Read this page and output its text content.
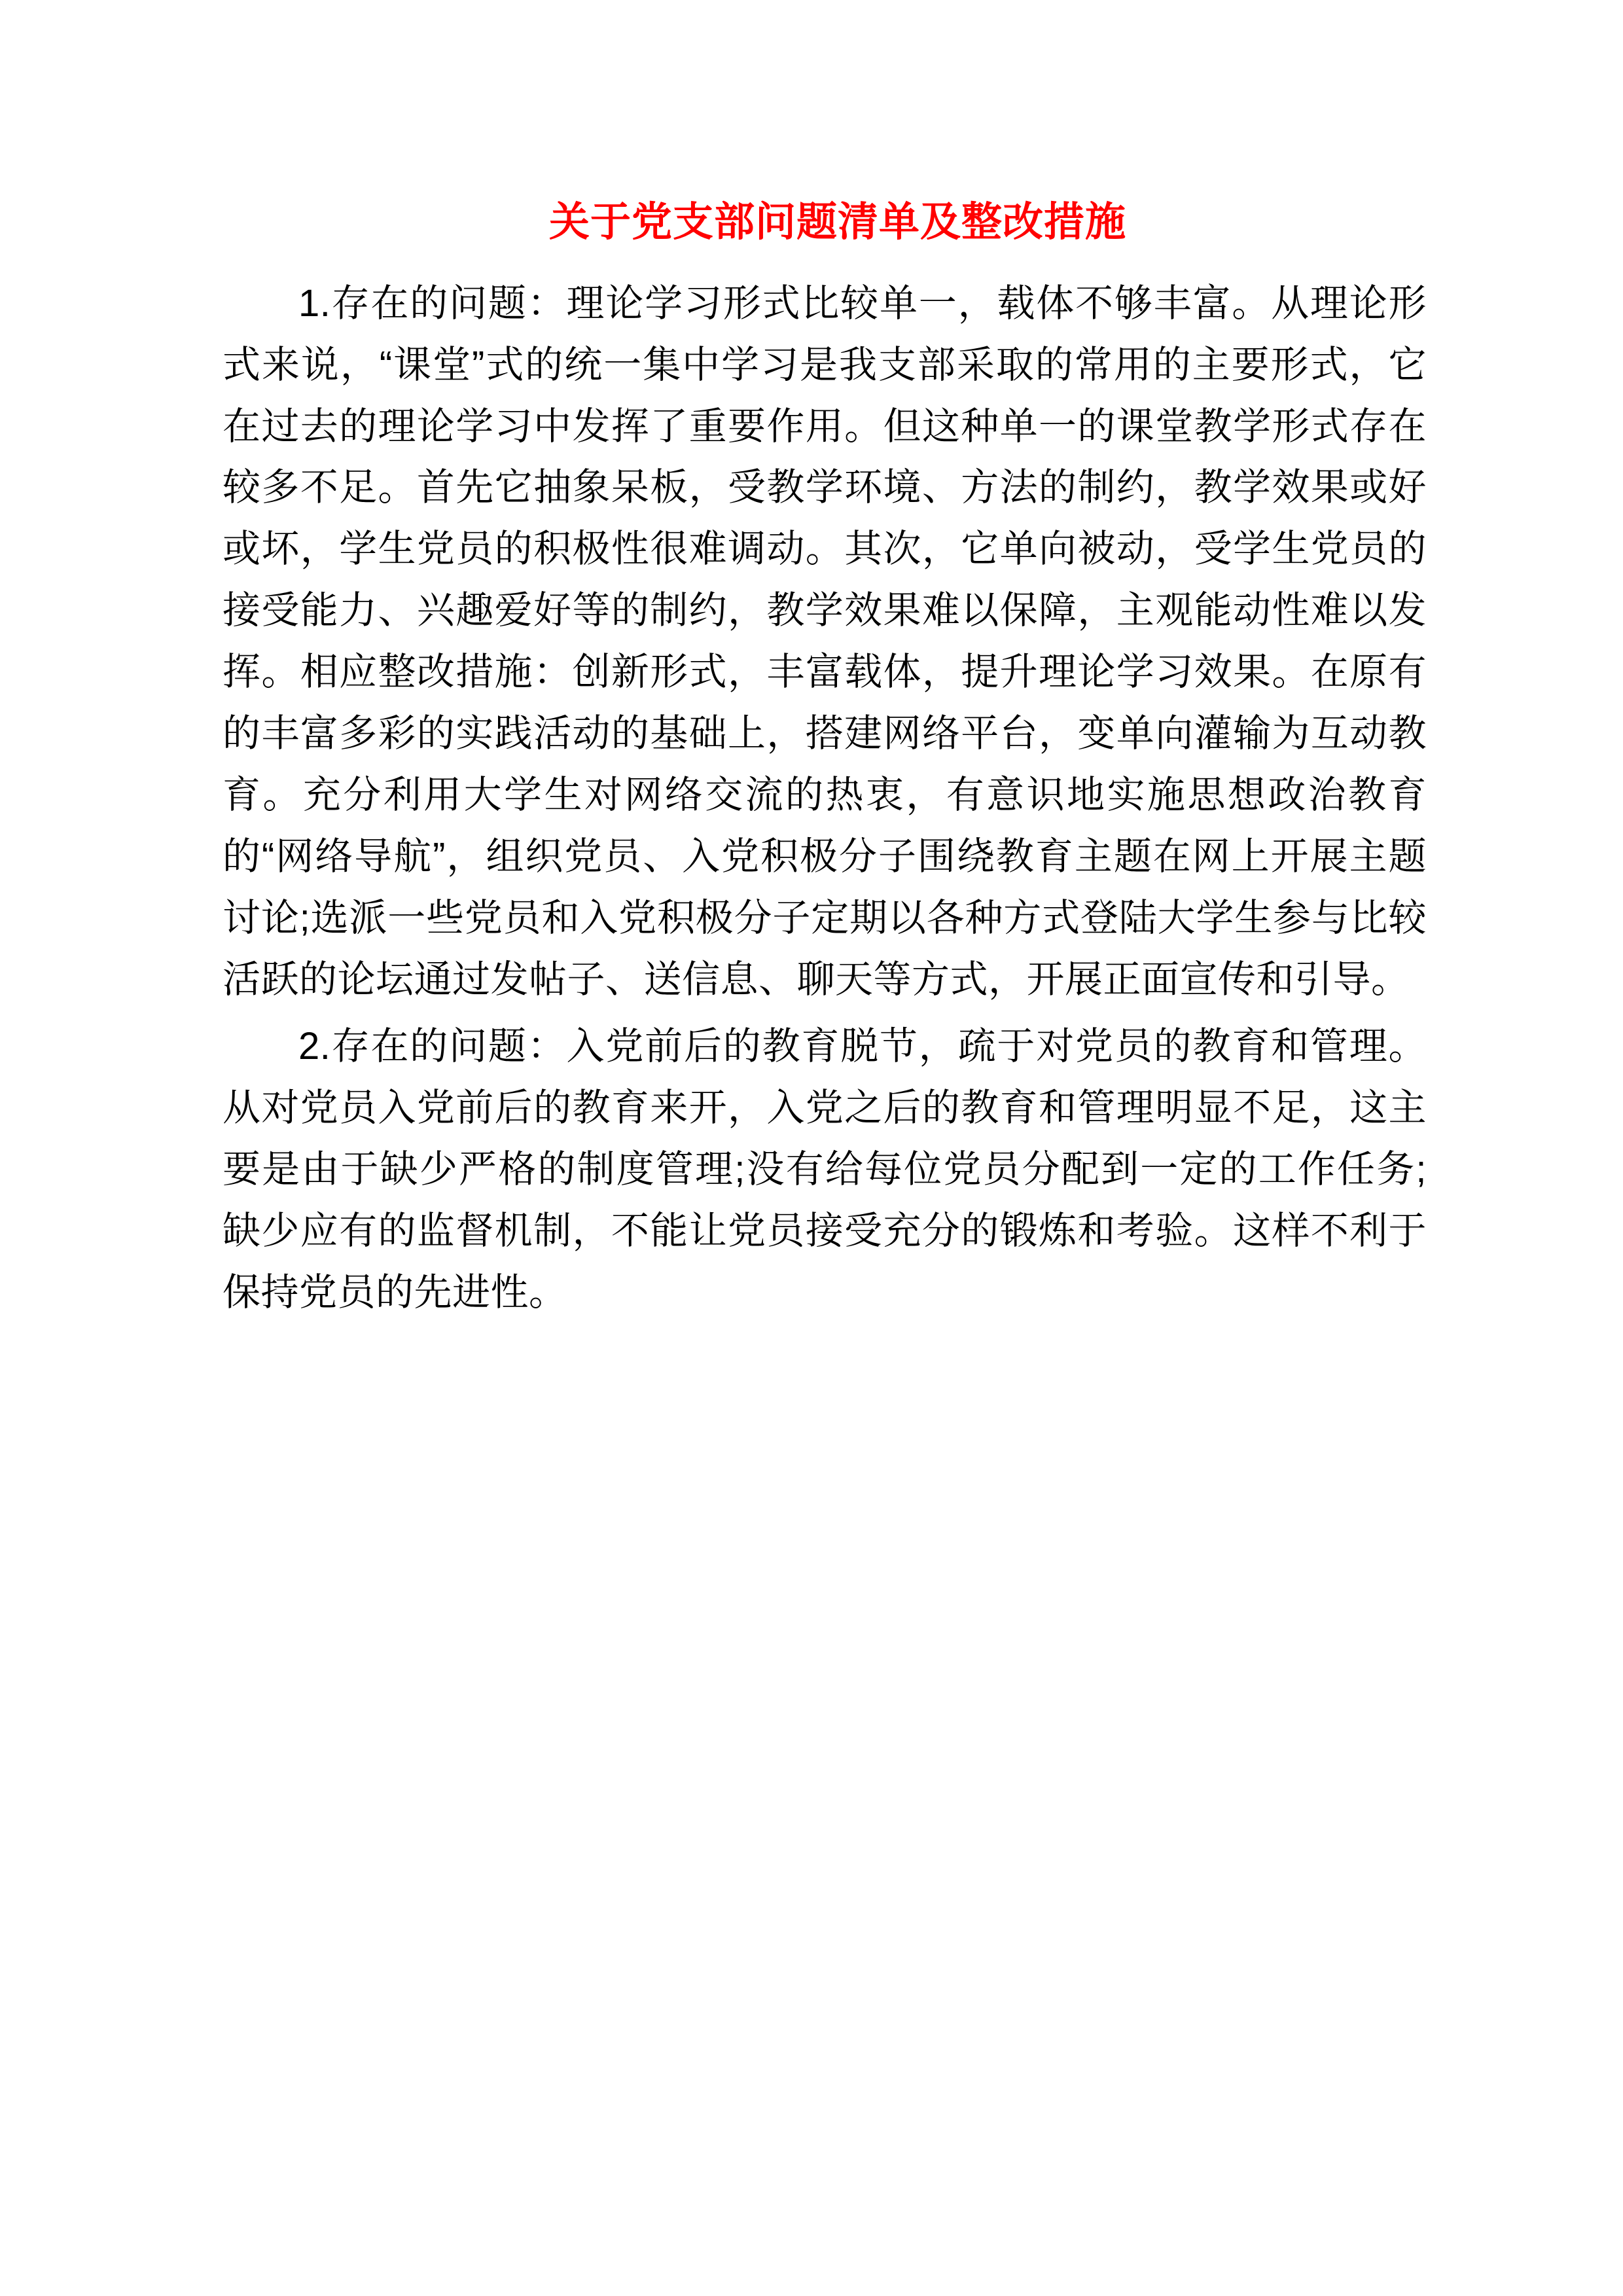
关于党支部问题清单及整改措施

1.存在的问题：理论学习形式比较单一，载体不够丰富。从理论形式来说，“课堂”式的统一集中学习是我支部采取的常用的主要形式，它在过去的理论学习中发挥了重要作用。但这种单一的课堂教学形式存在较多不足。首先它抽象呆板，受教学环境、方法的制约，教学效果或好或坏，学生党员的积极性很难调动。其次，它单向被动，受学生党员的接受能力、兴趣爱好等的制约，教学效果难以保障，主观能动性难以发挥。相应整改措施：创新形式，丰富载体，提升理论学习效果。在原有的丰富多彩的实践活动的基础上，搭建网络平台，变单向灌输为互动教育。充分利用大学生对网络交流的热衷，有意识地实施思想政治教育的“网络导航”，组织党员、入党积极分子围绕教育主题在网上开展主题讨论;选派一些党员和入党积极分子定期以各种方式登陆大学生参与比较活跃的论坛通过发帖子、送信息、聊天等方式，开展正面宣传和引导。

2.存在的问题：入党前后的教育脱节，疏于对党员的教育和管理。从对党员入党前后的教育来开，入党之后的教育和管理明显不足，这主要是由于缺少严格的制度管理;没有给每位党员分配到一定的工作任务;缺少应有的监督机制，不能让党员接受充分的锻炼和考验。这样不利于保持党员的先进性。
